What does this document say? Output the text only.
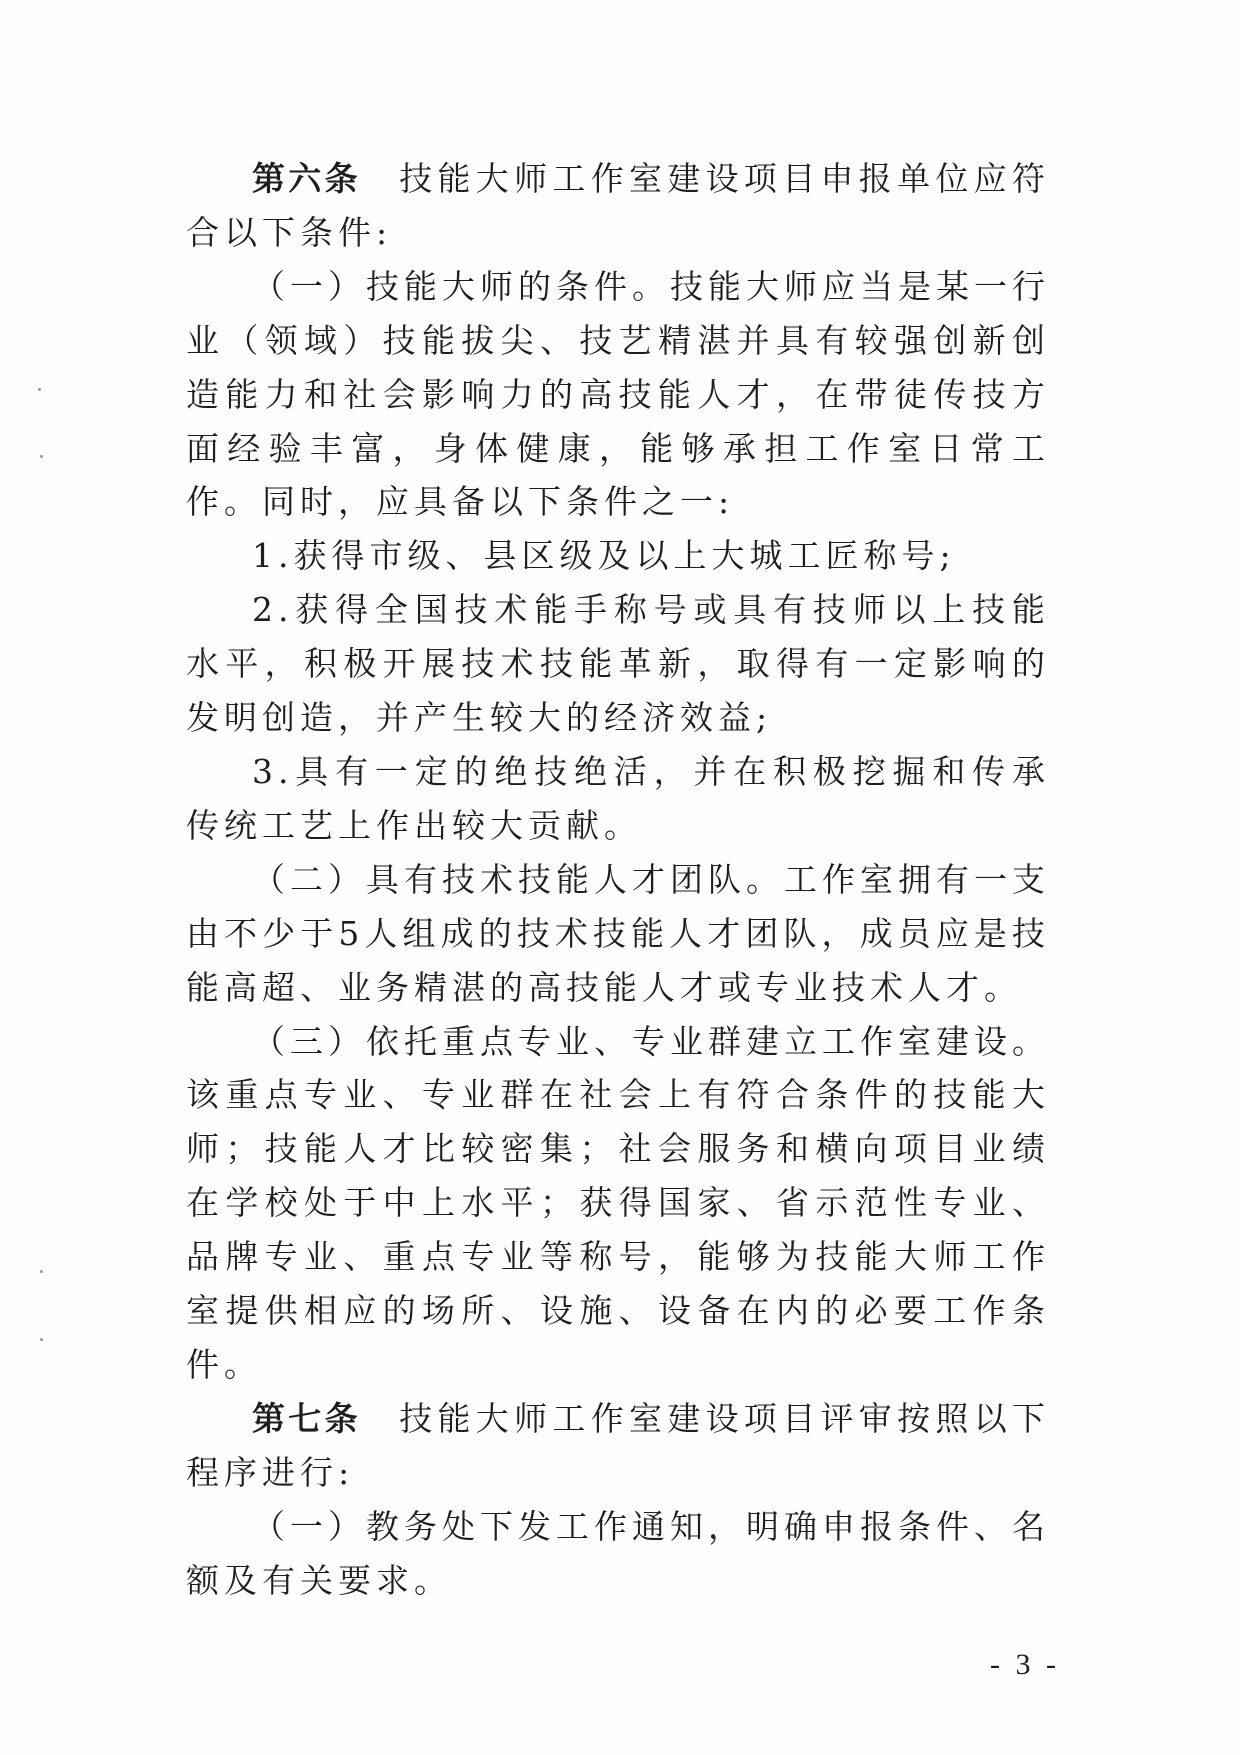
第六条  技能大师工作室建设项目申报单位应符合以下条件:

（一）技能大师的条件。技能大师应当是某一行业（领域）技能拔尖、技艺精湛并具有较强创新创造能力和社会影响力的高技能人才，在带徒传技方面经验丰富，身体健康，能够承担工作室日常工作。同时，应具备以下条件之一:

1.获得市级、县区级及以上大城工匠称号;

2.获得全国技术能手称号或具有技师以上技能水平，积极开展技术技能革新，取得有一定影响的发明创造，并产生较大的经济效益;

3.具有一定的绝技绝活，并在积极挖掘和传承传统工艺上作出较大贡献。

（二）具有技术技能人才团队。工作室拥有一支由不少于5人组成的技术技能人才团队，成员应是技能高超、业务精湛的高技能人才或专业技术人才。

（三）依托重点专业、专业群建立工作室建设。该重点专业、专业群在社会上有符合条件的技能大师；技能人才比较密集；社会服务和横向项目业绩在学校处于中上水平；获得国家、省示范性专业、品牌专业、重点专业等称号，能够为技能大师工作室提供相应的场所、设施、设备在内的必要工作条件。

第七条  技能大师工作室建设项目评审按照以下程序进行:

（一）教务处下发工作通知，明确申报条件、名额及有关要求。

- 3 -
